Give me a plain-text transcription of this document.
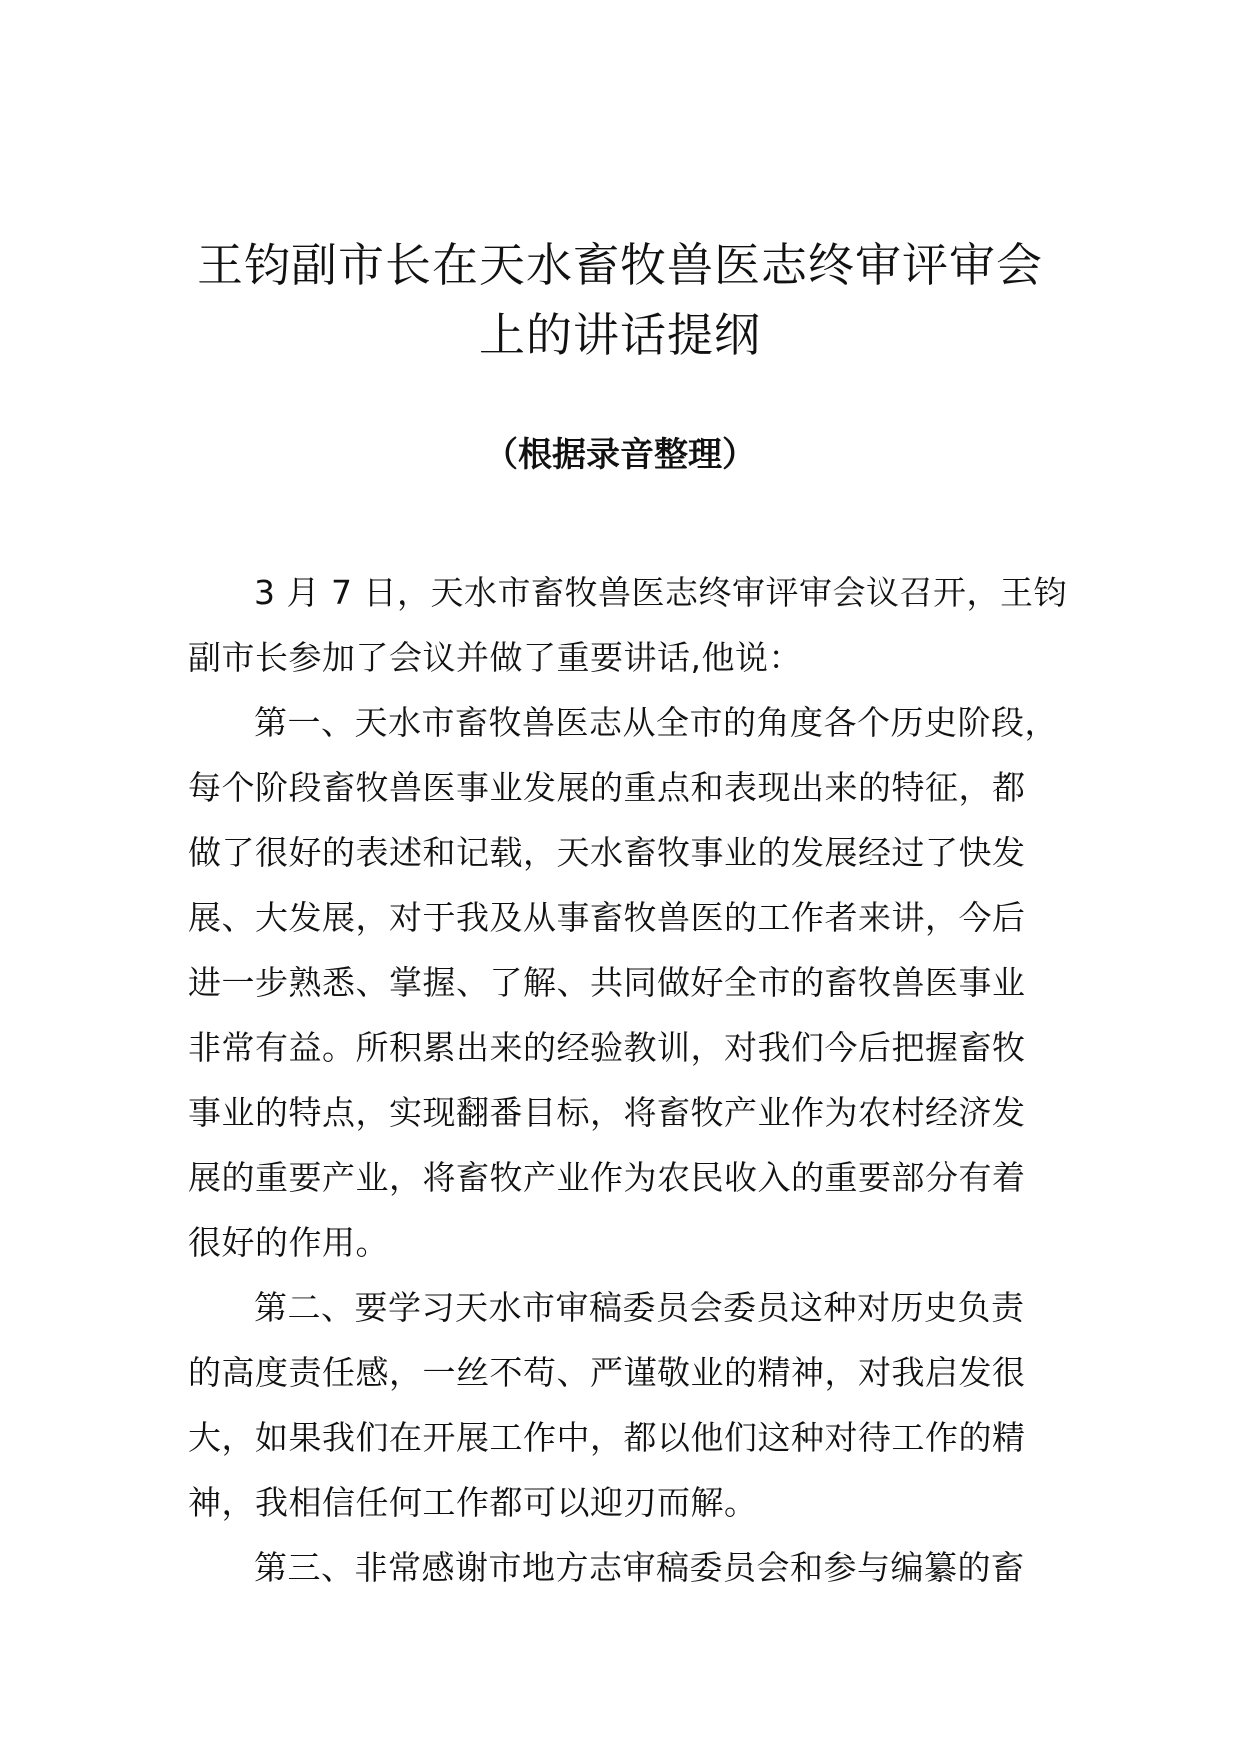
王钧副市长在天水畜牧兽医志终审评审会
上的讲话提纲
（根据录音整理）
3 月 7 日，天水市畜牧兽医志终审评审会议召开，王钧
副市长参加了会议并做了重要讲话,他说：
第一、天水市畜牧兽医志从全市的角度各个历史阶段，
每个阶段畜牧兽医事业发展的重点和表现出来的特征，都
做了很好的表述和记载，天水畜牧事业的发展经过了快发
展、大发展，对于我及从事畜牧兽医的工作者来讲，今后
进一步熟悉、掌握、了解、共同做好全市的畜牧兽医事业
非常有益。所积累出来的经验教训，对我们今后把握畜牧
事业的特点，实现翻番目标，将畜牧产业作为农村经济发
展的重要产业，将畜牧产业作为农民收入的重要部分有着
很好的作用。
第二、要学习天水市审稿委员会委员这种对历史负责
的高度责任感，一丝不苟、严谨敬业的精神，对我启发很
大，如果我们在开展工作中，都以他们这种对待工作的精
神，我相信任何工作都可以迎刃而解。
第三、非常感谢市地方志审稿委员会和参与编纂的畜
